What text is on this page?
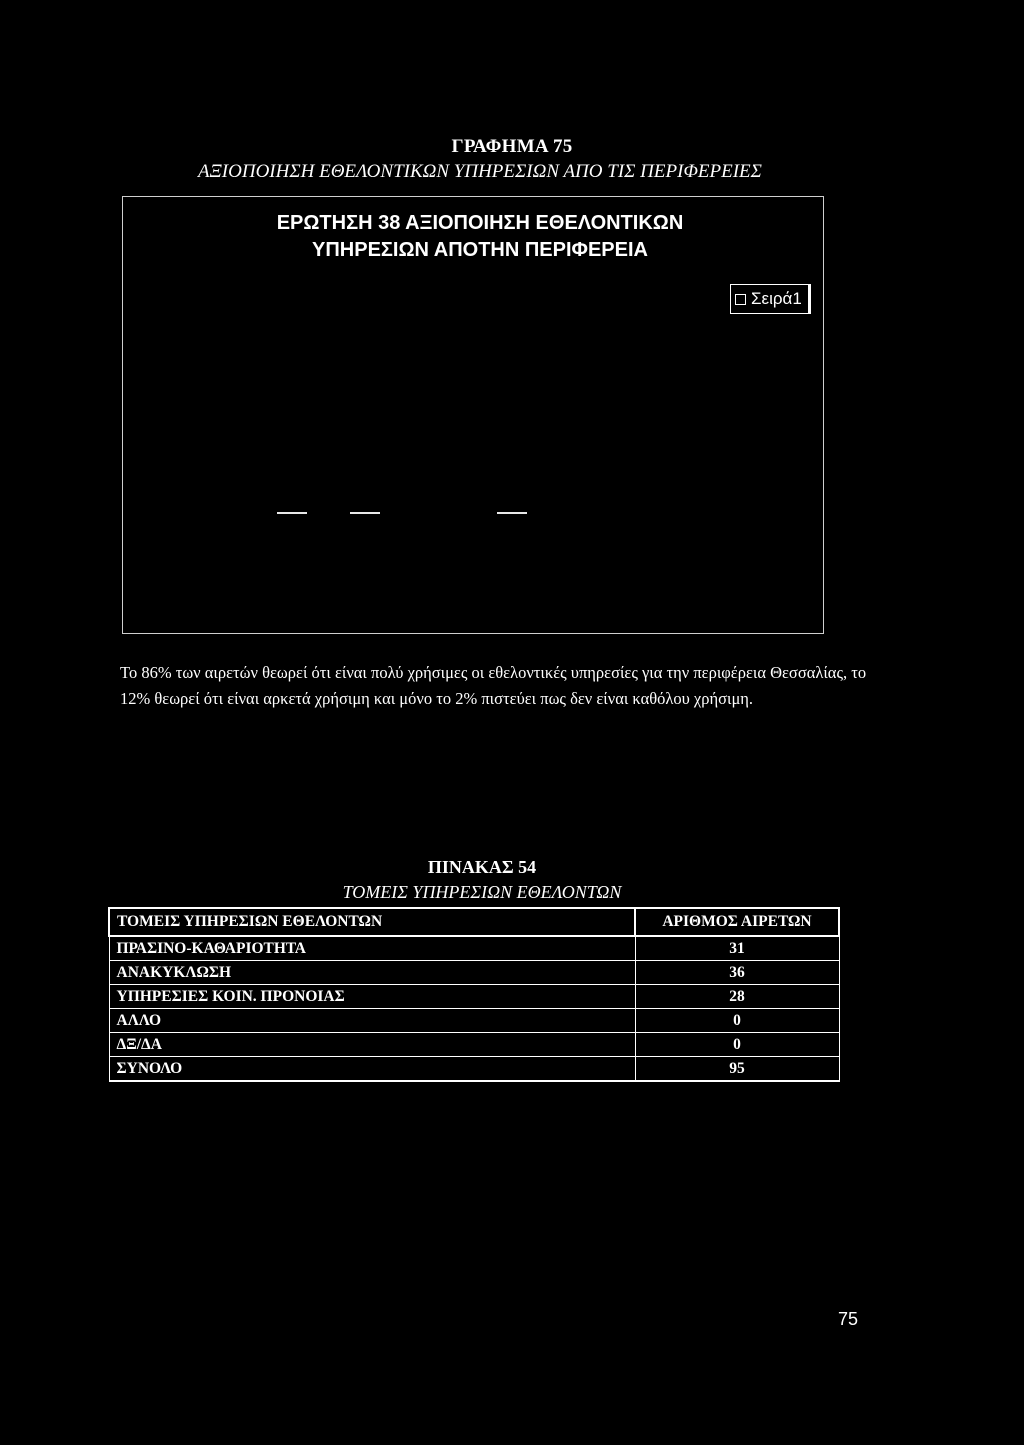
ΓΡΑΦΗΜΑ 75
ΑΞΙΟΠΟΙΗΣΗ ΕΘΕΛΟΝΤΙΚΩΝ ΥΠΗΡΕΣΙΩΝ ΑΠΟ ΤΙΣ ΠΕΡΙΦΕΡΕΙΕΣ
ΕΡΩΤΗΣΗ 38 ΑΞΙΟΠΟΙΗΣΗ ΕΘΕΛΟΝΤΙΚΩΝ
ΥΠΗΡΕΣΙΩΝ ΑΠΟΤΗΝ ΠΕΡΙΦΕΡΕΙΑ
Σειρά1
Το 86% των αιρετών θεωρεί ότι είναι πολύ χρήσιμες οι εθελοντικές υπηρεσίες για την περιφέρεια Θεσσαλίας, το 12% θεωρεί ότι είναι αρκετά χρήσιμη και μόνο το 2% πιστεύει πως δεν είναι καθόλου χρήσιμη.
ΠΙΝΑΚΑΣ 54
ΤΟΜΕΙΣ ΥΠΗΡΕΣΙΩΝ ΕΘΕΛΟΝΤΩΝ
ΤΟΜΕΙΣ ΥΠΗΡΕΣΙΩΝ ΕΘΕΛΟΝΤΩΝ	ΑΡΙΘΜΟΣ ΑΙΡΕΤΩΝ
ΠΡΑΣΙΝΟ-ΚΑΘΑΡΙΟΤΗΤΑ	31
ΑΝΑΚΥΚΛΩΣΗ	36
ΥΠΗΡΕΣΙΕΣ ΚΟΙΝ. ΠΡΟΝΟΙΑΣ	28
ΑΛΛΟ	0
ΔΞ/ΔΑ	0
ΣΥΝΟΛΟ	95
75
